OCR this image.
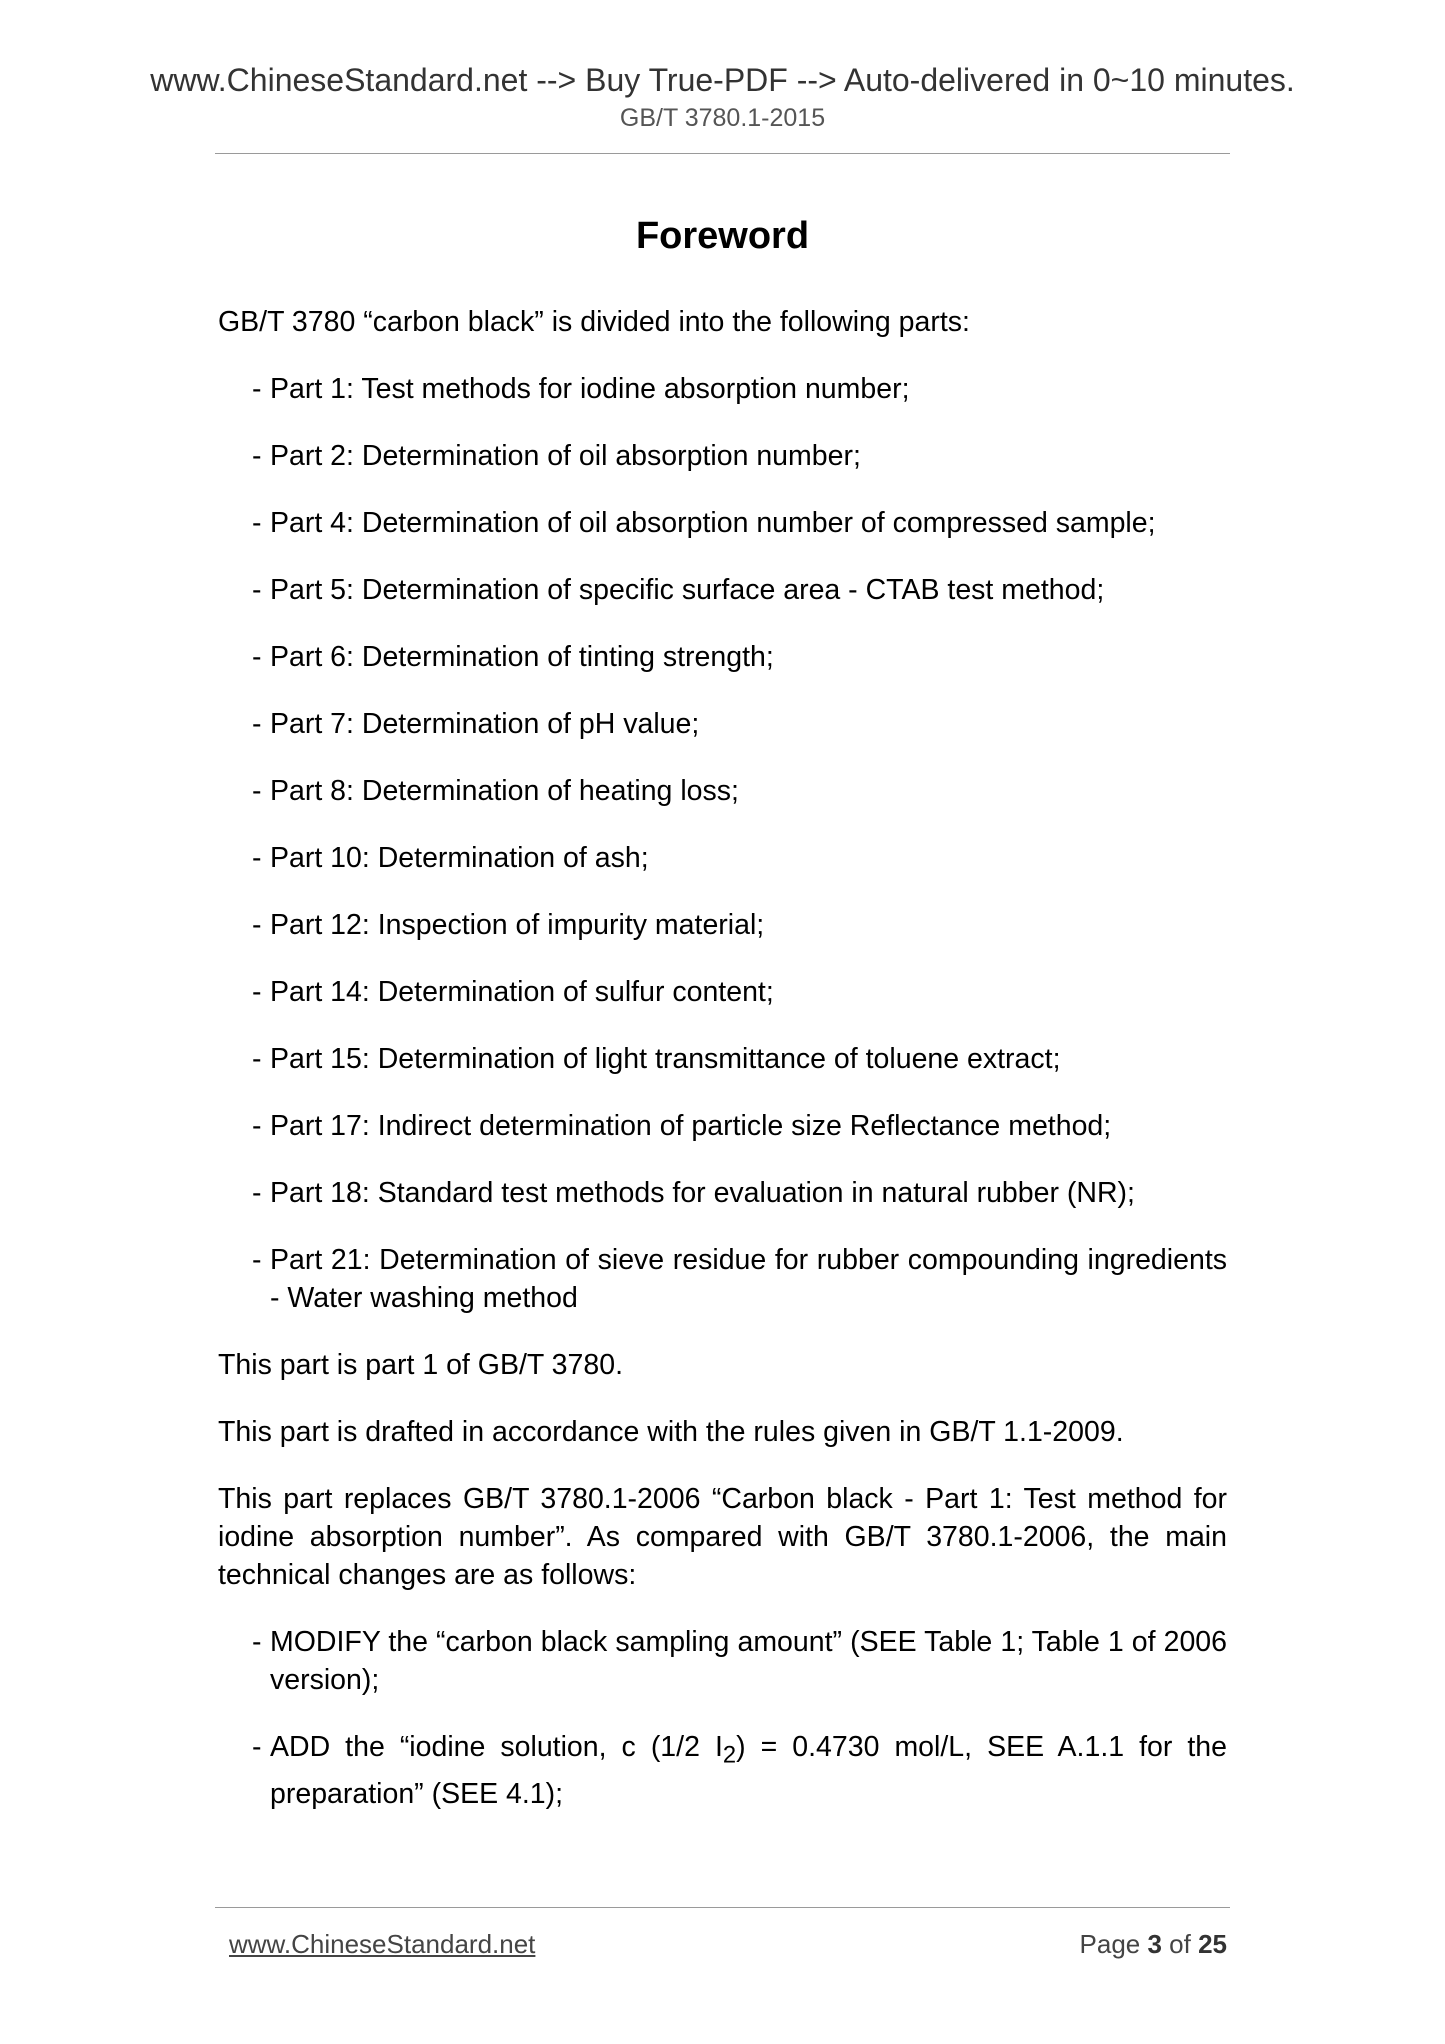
www.ChineseStandard.net --> Buy True-PDF --> Auto-delivered in 0~10 minutes.
GB/T 3780.1-2015
Foreword

GB/T 3780 “carbon black” is divided into the following parts:

- Part 1: Test methods for iodine absorption number;
- Part 2: Determination of oil absorption number;
- Part 4: Determination of oil absorption number of compressed sample;
- Part 5: Determination of specific surface area - CTAB test method;
- Part 6: Determination of tinting strength;
- Part 7: Determination of pH value;
- Part 8: Determination of heating loss;
- Part 10: Determination of ash;
- Part 12: Inspection of impurity material;
- Part 14: Determination of sulfur content;
- Part 15: Determination of light transmittance of toluene extract;
- Part 17: Indirect determination of particle size Reflectance method;
- Part 18: Standard test methods for evaluation in natural rubber (NR);
- Part 21: Determination of sieve residue for rubber compounding ingredients - Water washing method

This part is part 1 of GB/T 3780.

This part is drafted in accordance with the rules given in GB/T 1.1-2009.

This part replaces GB/T 3780.1-2006 “Carbon black - Part 1: Test method for iodine absorption number”. As compared with GB/T 3780.1-2006, the main technical changes are as follows:

- MODIFY the “carbon black sampling amount” (SEE Table 1; Table 1 of 2006 version);
- ADD the “iodine solution, c (1/2 $I_2) = 0.4730$ mol/L, SEE A.1.1 for the preparation” (SEE 4.1);
www.ChineseStandard.net	Page 3 of 25
